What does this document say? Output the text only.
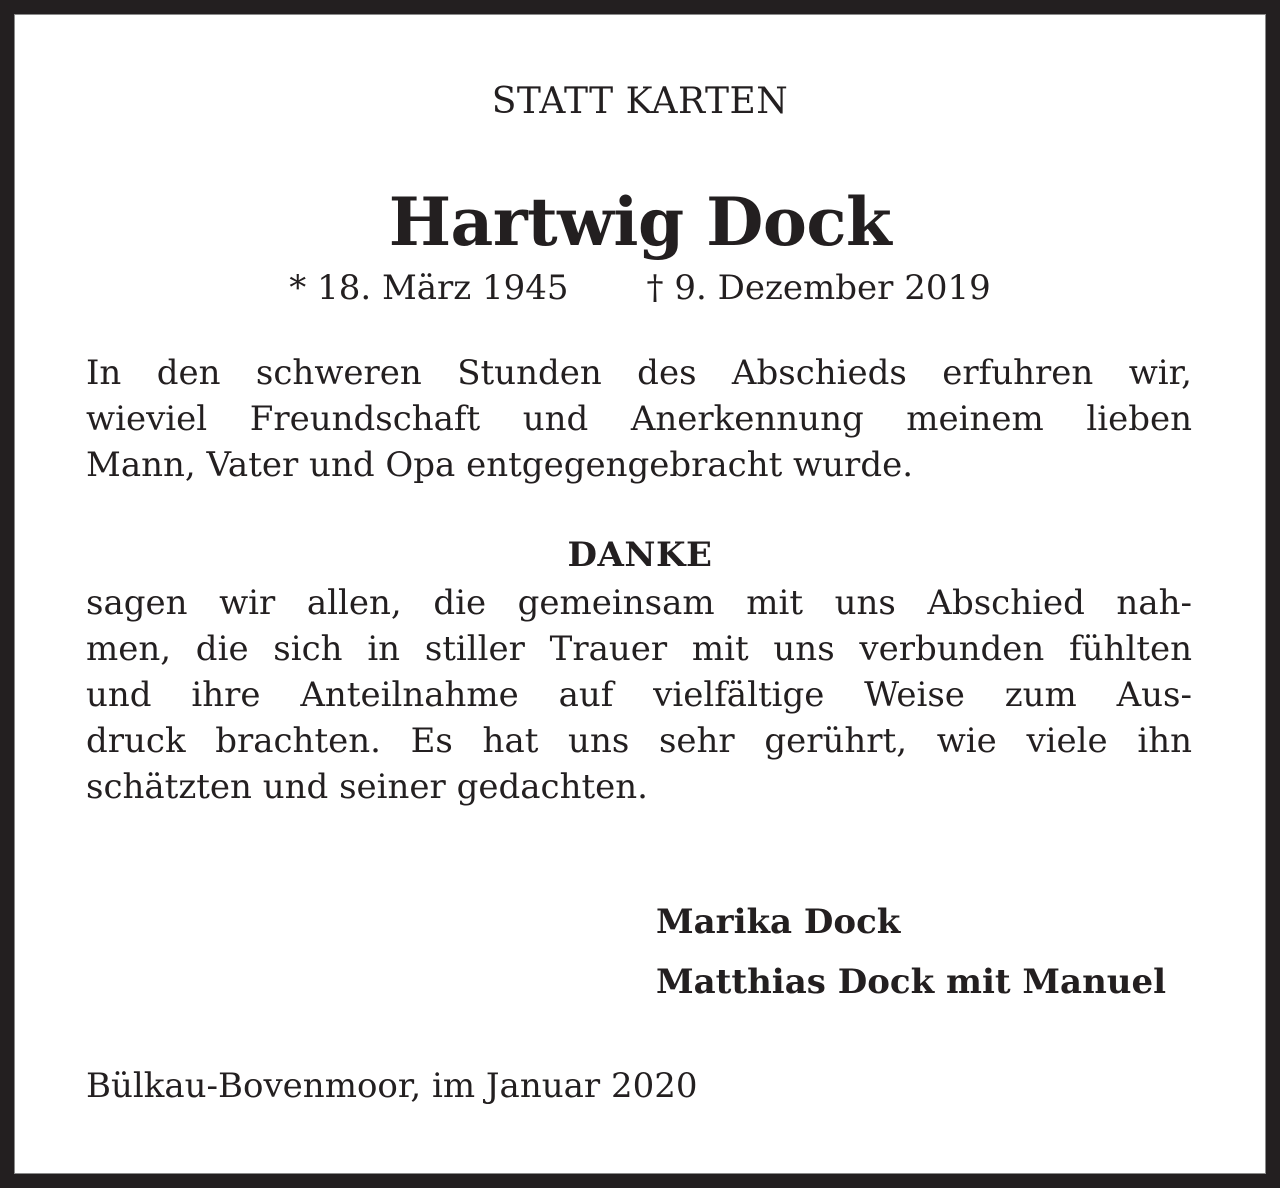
STATT KARTEN
Hartwig Dock
* 18. März 1945 † 9. Dezember 2019
In den schweren Stunden des Abschieds erfuhren wir,
wieviel Freundschaft und Anerkennung meinem lieben
Mann, Vater und Opa entgegengebracht wurde.
DANKE
sagen wir allen, die gemeinsam mit uns Abschied nah-
men, die sich in stiller Trauer mit uns verbunden fühlten
und ihre Anteilnahme auf vielfältige Weise zum Aus-
druck brachten. Es hat uns sehr gerührt, wie viele ihn
schätzten und seiner gedachten.
Marika Dock
Matthias Dock mit Manuel
Bülkau-Bovenmoor, im Januar 2020
